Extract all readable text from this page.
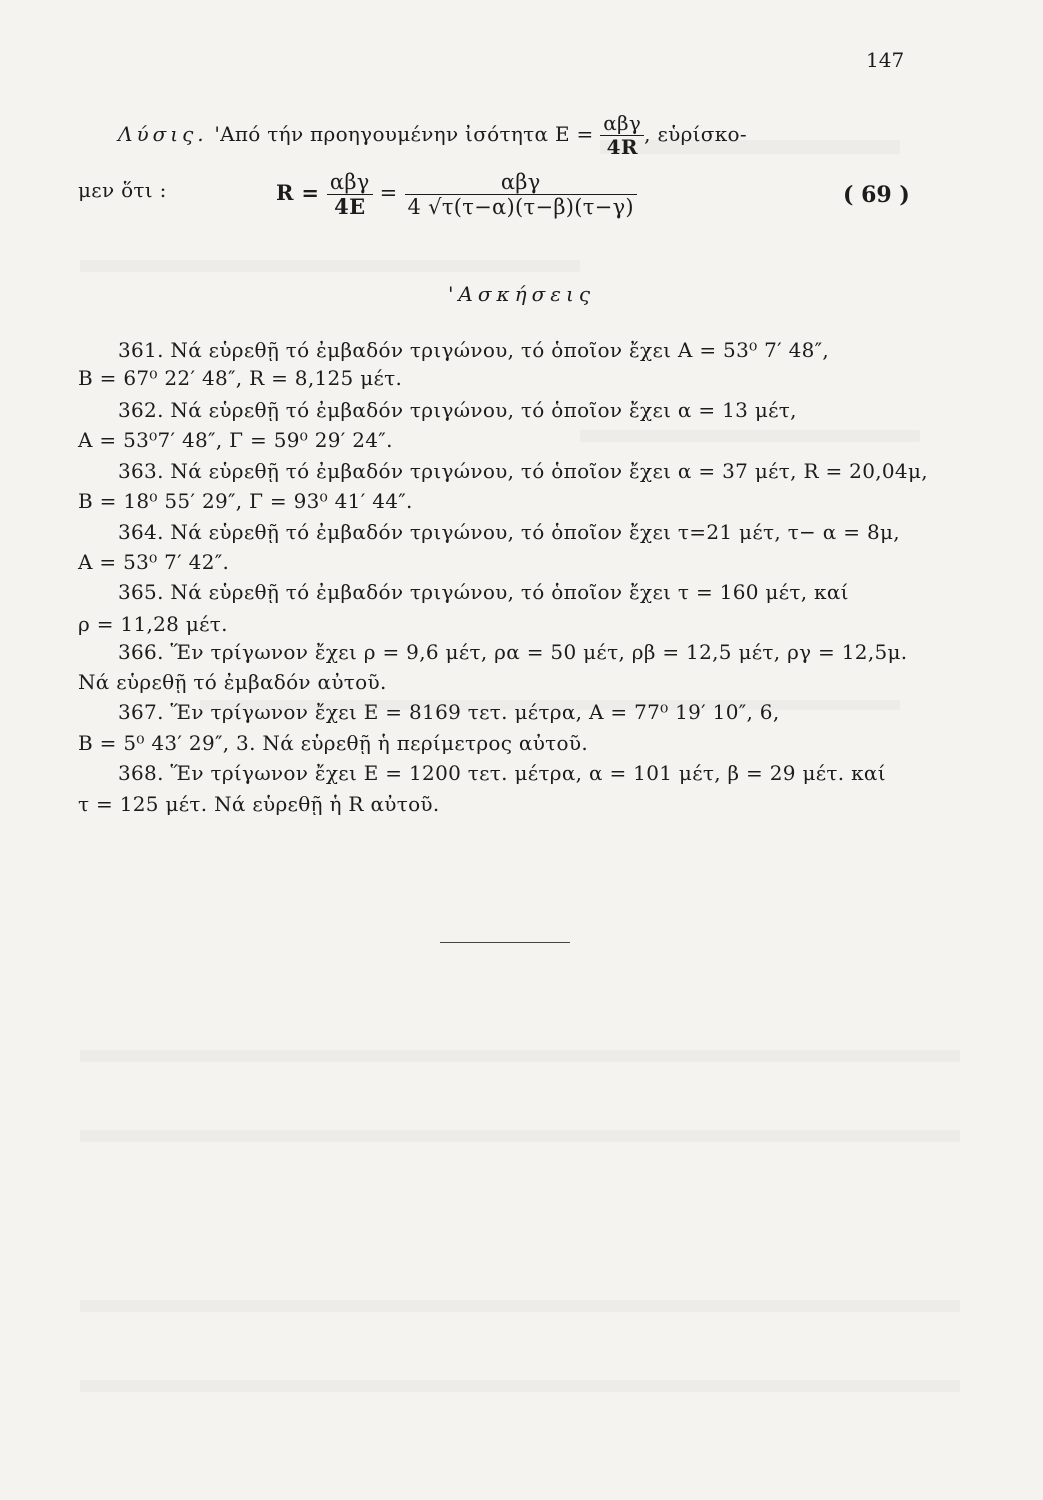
147
Λύσις. 'Από τήν προηγουμένην ἰσότητα $E = \frac{\text{αβγ}}{4R}$ , εὑρίσκο-
μεν ὅτι :	$R = \frac{\text{αβγ}}{4E} = \frac{\text{αβγ}}{4 √\tau(\tau-\alpha)(\tau-\beta)(\tau-\gamma)}$	( 69 )
'Ασκήσεις
361. Νά εὑρεθῇ τό ἐμβαδόν τριγώνου, τό ὁποῖον ἔχει Α = 53⁰ 7′ 48″,
Β = 67⁰ 22′ 48″, R = 8,125 μέτ.
362. Νά εὑρεθῇ τό ἐμβαδόν τριγώνου, τό ὁποῖον ἔχει α = 13 μέτ,
Α = 53⁰7′ 48″, Γ = 59⁰ 29′ 24″.
363. Νά εὑρεθῇ τό ἐμβαδόν τριγώνου, τό ὁποῖον ἔχει α = 37 μέτ, R = 20,04μ,
Β = 18⁰ 55′ 29″, Γ = 93⁰ 41′ 44″.
364. Νά εὑρεθῇ τό ἐμβαδόν τριγώνου, τό ὁποῖον ἔχει τ=21 μέτ, τ− α = 8μ,
Α = 53⁰ 7′ 42″.
365. Νά εὑρεθῇ τό ἐμβαδόν τριγώνου, τό ὁποῖον ἔχει τ = 160 μέτ, καί
ρ = 11,28 μέτ.
366. Ἕν τρίγωνον ἔχει ρ = 9,6 μέτ, ρα = 50 μέτ, ρβ = 12,5 μέτ, ργ = 12,5μ.
Νά εὑρεθῇ τό ἐμβαδόν αὐτοῦ.
367. Ἕν τρίγωνον ἔχει Ε = 8169 τετ. μέτρα, Α = 77⁰ 19′ 10″, 6,
Β = 5⁰ 43′ 29″, 3. Νά εὑρεθῇ ἡ περίμετρος αὐτοῦ.
368. Ἕν τρίγωνον ἔχει Ε = 1200 τετ. μέτρα, α = 101 μέτ, β = 29 μέτ. καί
τ = 125 μέτ. Νά εὑρεθῇ ἡ R αὐτοῦ.
